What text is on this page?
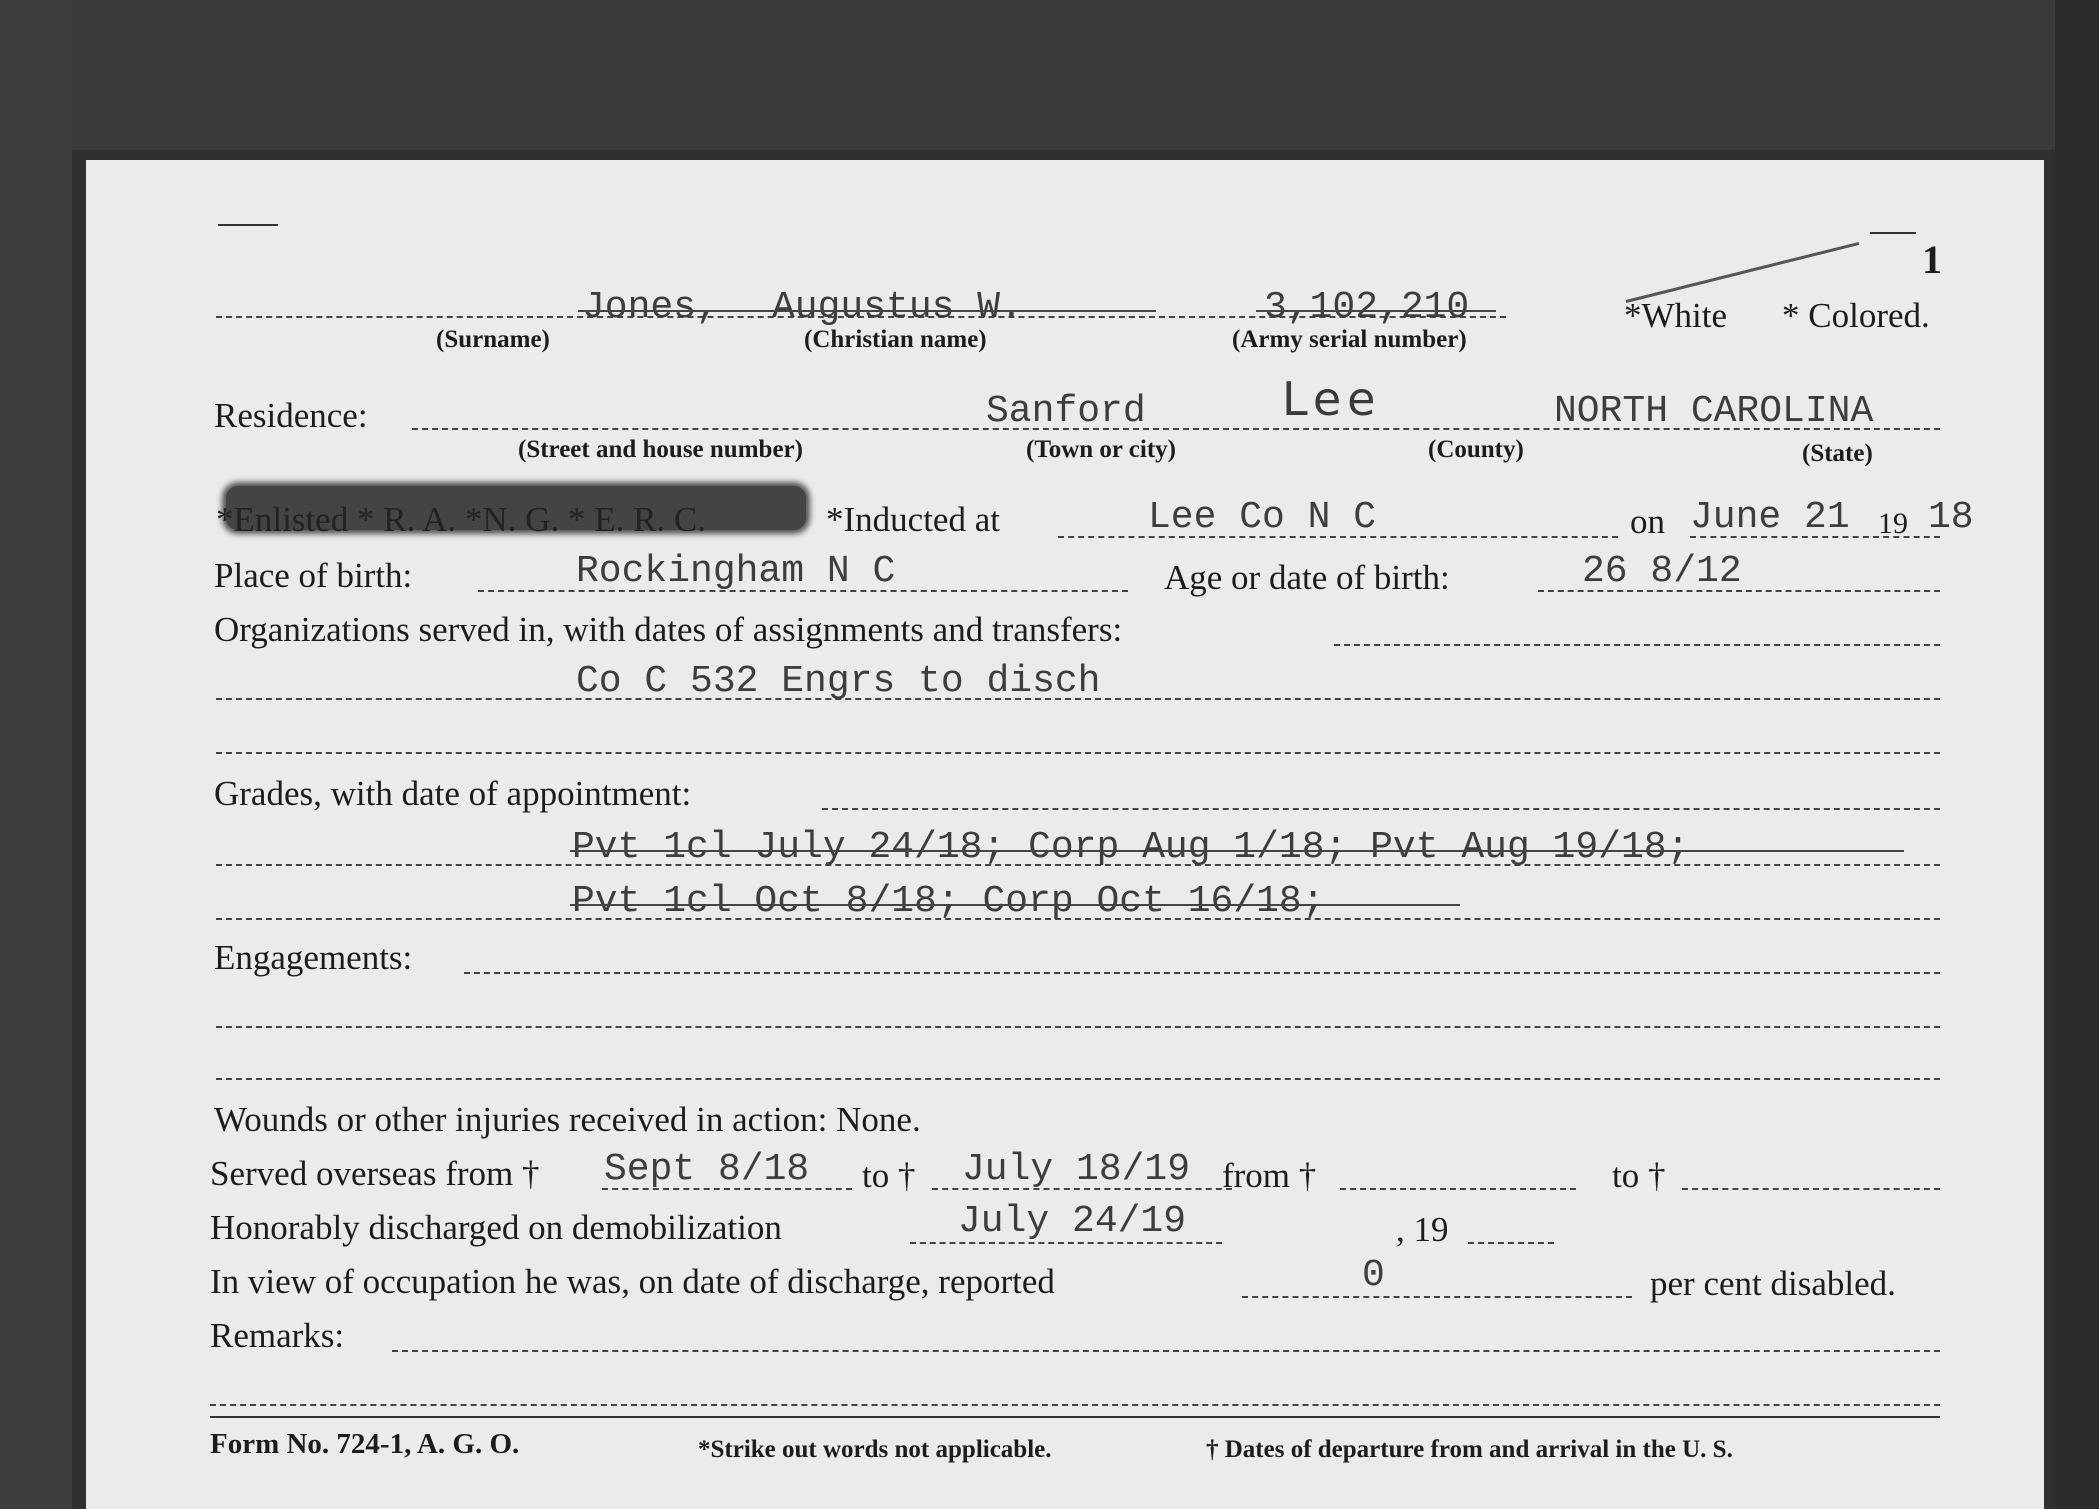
1
Jones, Augustus W.	3,102,210	*White * Colored.
(Surname)	(Christian name)	(Army serial number)
Residence:	Sanford	Lee	NORTH CAROLINA
(Street and house number)	(Town or city)	(County)	(State)
*Enlisted * R. A. *N. G. * E. R. C.	*Inducted at	Lee Co N C	on June 21 19 18
Place of birth:	Rockingham N C	Age or date of birth:	26 8/12
Organizations served in, with dates of assignments and transfers:
Co C 532 Engrs to disch
Grades, with date of appointment:
Pvt 1cl July 24/18; Corp Aug 1/18; Pvt Aug 19/18;
Pvt 1cl Oct 8/18; Corp Oct 16/18;
Engagements:
Wounds or other injuries received in action: None.
Served overseas from † Sept 8/18 to † July 18/19 from †	to †
Honorably discharged on demobilization	July 24/19	, 19
In view of occupation he was, on date of discharge, reported	0	per cent disabled.
Remarks:
Form No. 724-1, A. G. O.	*Strike out words not applicable.	† Dates of departure from and arrival in the U. S.
